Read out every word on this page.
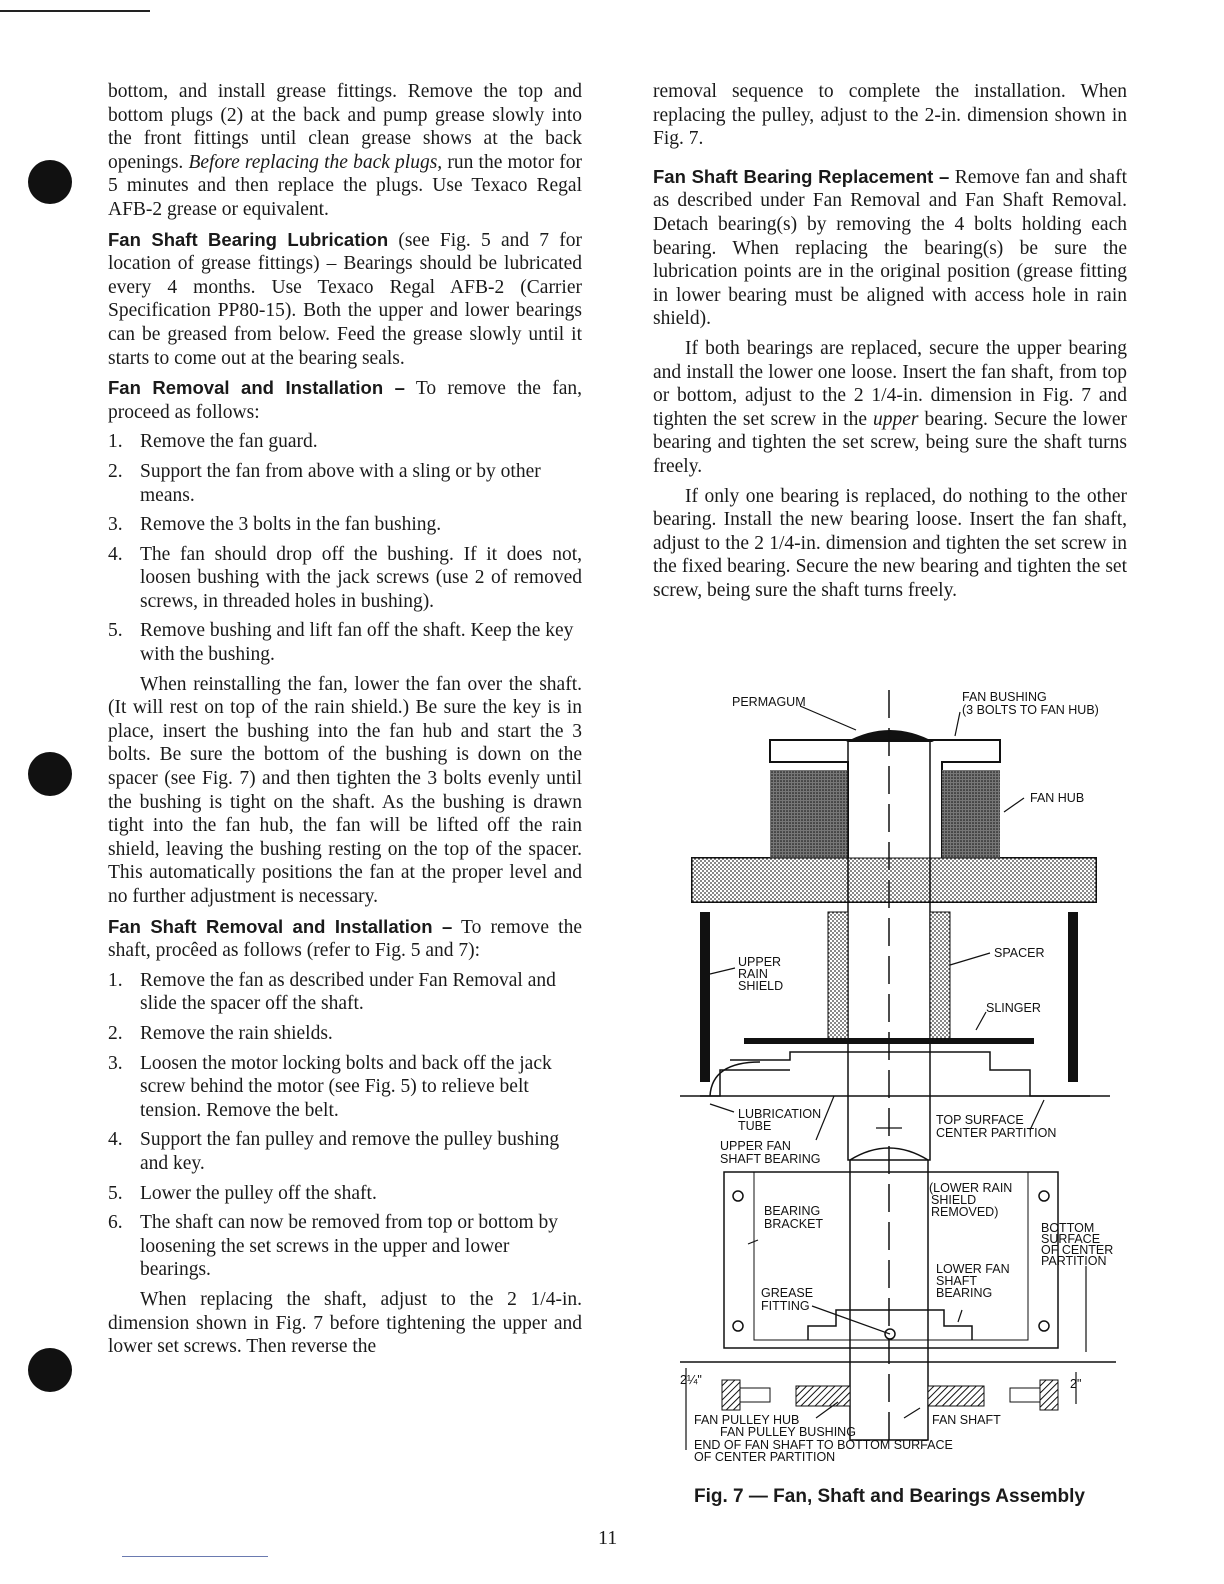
bottom, and install grease fittings. Remove the top and bottom plugs (2) at the back and pump grease slowly into the front fittings until clean grease shows at the back openings. Before replacing the back plugs, run the motor for 5 minutes and then replace the plugs. Use Texaco Regal AFB-2 grease or equivalent.

Fan Shaft Bearing Lubrication (see Fig. 5 and 7 for location of grease fittings) – Bearings should be lubricated every 4 months. Use Texaco Regal AFB-2 (Carrier Specification PP80-15). Both the upper and lower bearings can be greased from below. Feed the grease slowly until it starts to come out at the bearing seals.

Fan Removal and Installation – To remove the fan, proceed as follows:

1. Remove the fan guard.
2. Support the fan from above with a sling or by other means.
3. Remove the 3 bolts in the fan bushing.
4. The fan should drop off the bushing. If it does not, loosen bushing with the jack screws (use 2 of removed screws, in threaded holes in bushing).
5. Remove bushing and lift fan off the shaft. Keep the key with the bushing.

When reinstalling the fan, lower the fan over the shaft. (It will rest on top of the rain shield.) Be sure the key is in place, insert the bushing into the fan hub and start the 3 bolts. Be sure the bottom of the bushing is down on the spacer (see Fig. 7) and then tighten the 3 bolts evenly until the bushing is tight on the shaft. As the bushing is drawn tight into the fan hub, the fan will be lifted off the rain shield, leaving the bushing resting on the top of the spacer. This automatically positions the fan at the proper level and no further adjustment is necessary.

Fan Shaft Removal and Installation – To remove the shaft, procêed as follows (refer to Fig. 5 and 7):

1. Remove the fan as described under Fan Removal and slide the spacer off the shaft.
2. Remove the rain shields.
3. Loosen the motor locking bolts and back off the jack screw behind the motor (see Fig. 5) to relieve belt tension. Remove the belt.
4. Support the fan pulley and remove the pulley bushing and key.
5. Lower the pulley off the shaft.
6. The shaft can now be removed from top or bottom by loosening the set screws in the upper and lower bearings.

When replacing the shaft, adjust to the 2 1/4-in. dimension shown in Fig. 7 before tightening the upper and lower set screws. Then reverse the

removal sequence to complete the installation. When replacing the pulley, adjust to the 2-in. dimension shown in Fig. 7.

Fan Shaft Bearing Replacement – Remove fan and shaft as described under Fan Removal and Fan Shaft Removal. Detach bearing(s) by removing the 4 bolts holding each bearing. When replacing the bearing(s) be sure the lubrication points are in the original position (grease fitting in lower bearing must be aligned with access hole in rain shield).

If both bearings are replaced, secure the upper bearing and install the lower one loose. Insert the fan shaft, from top or bottom, adjust to the 2 1/4-in. dimension in Fig. 7 and tighten the set screw in the upper bearing. Secure the lower bearing and tighten the set screw, being sure the shaft turns freely.

If only one bearing is replaced, do nothing to the other bearing. Install the new bearing loose. Insert the fan shaft, adjust to the 2 1/4-in. dimension and tighten the set screw in the fixed bearing. Secure the new bearing and tighten the set screw, being sure the shaft turns freely.

PERMAGUM	FAN BUSHING
(3 BOLTS TO FAN HUB)
FAN HUB
SPACER
UPPER
RAIN
SHIELD
SLINGER
LUBRICATION
TUBE	TOP SURFACE
CENTER PARTITION
UPPER FAN
SHAFT BEARING
(LOWER RAIN
SHIELD
REMOVED)
BEARING
BRACKET	BOTTOM
SURFACE
OF CENTER
PARTITION
LOWER FAN
SHAFT
BEARING
GREASE
FITTING
2¼"	2"
FAN PULLEY HUB	FAN SHAFT
FAN PULLEY BUSHING
END OF FAN SHAFT TO BOTTOM SURFACE
OF CENTER PARTITION
Fig. 7 — Fan, Shaft and Bearings Assembly
11
